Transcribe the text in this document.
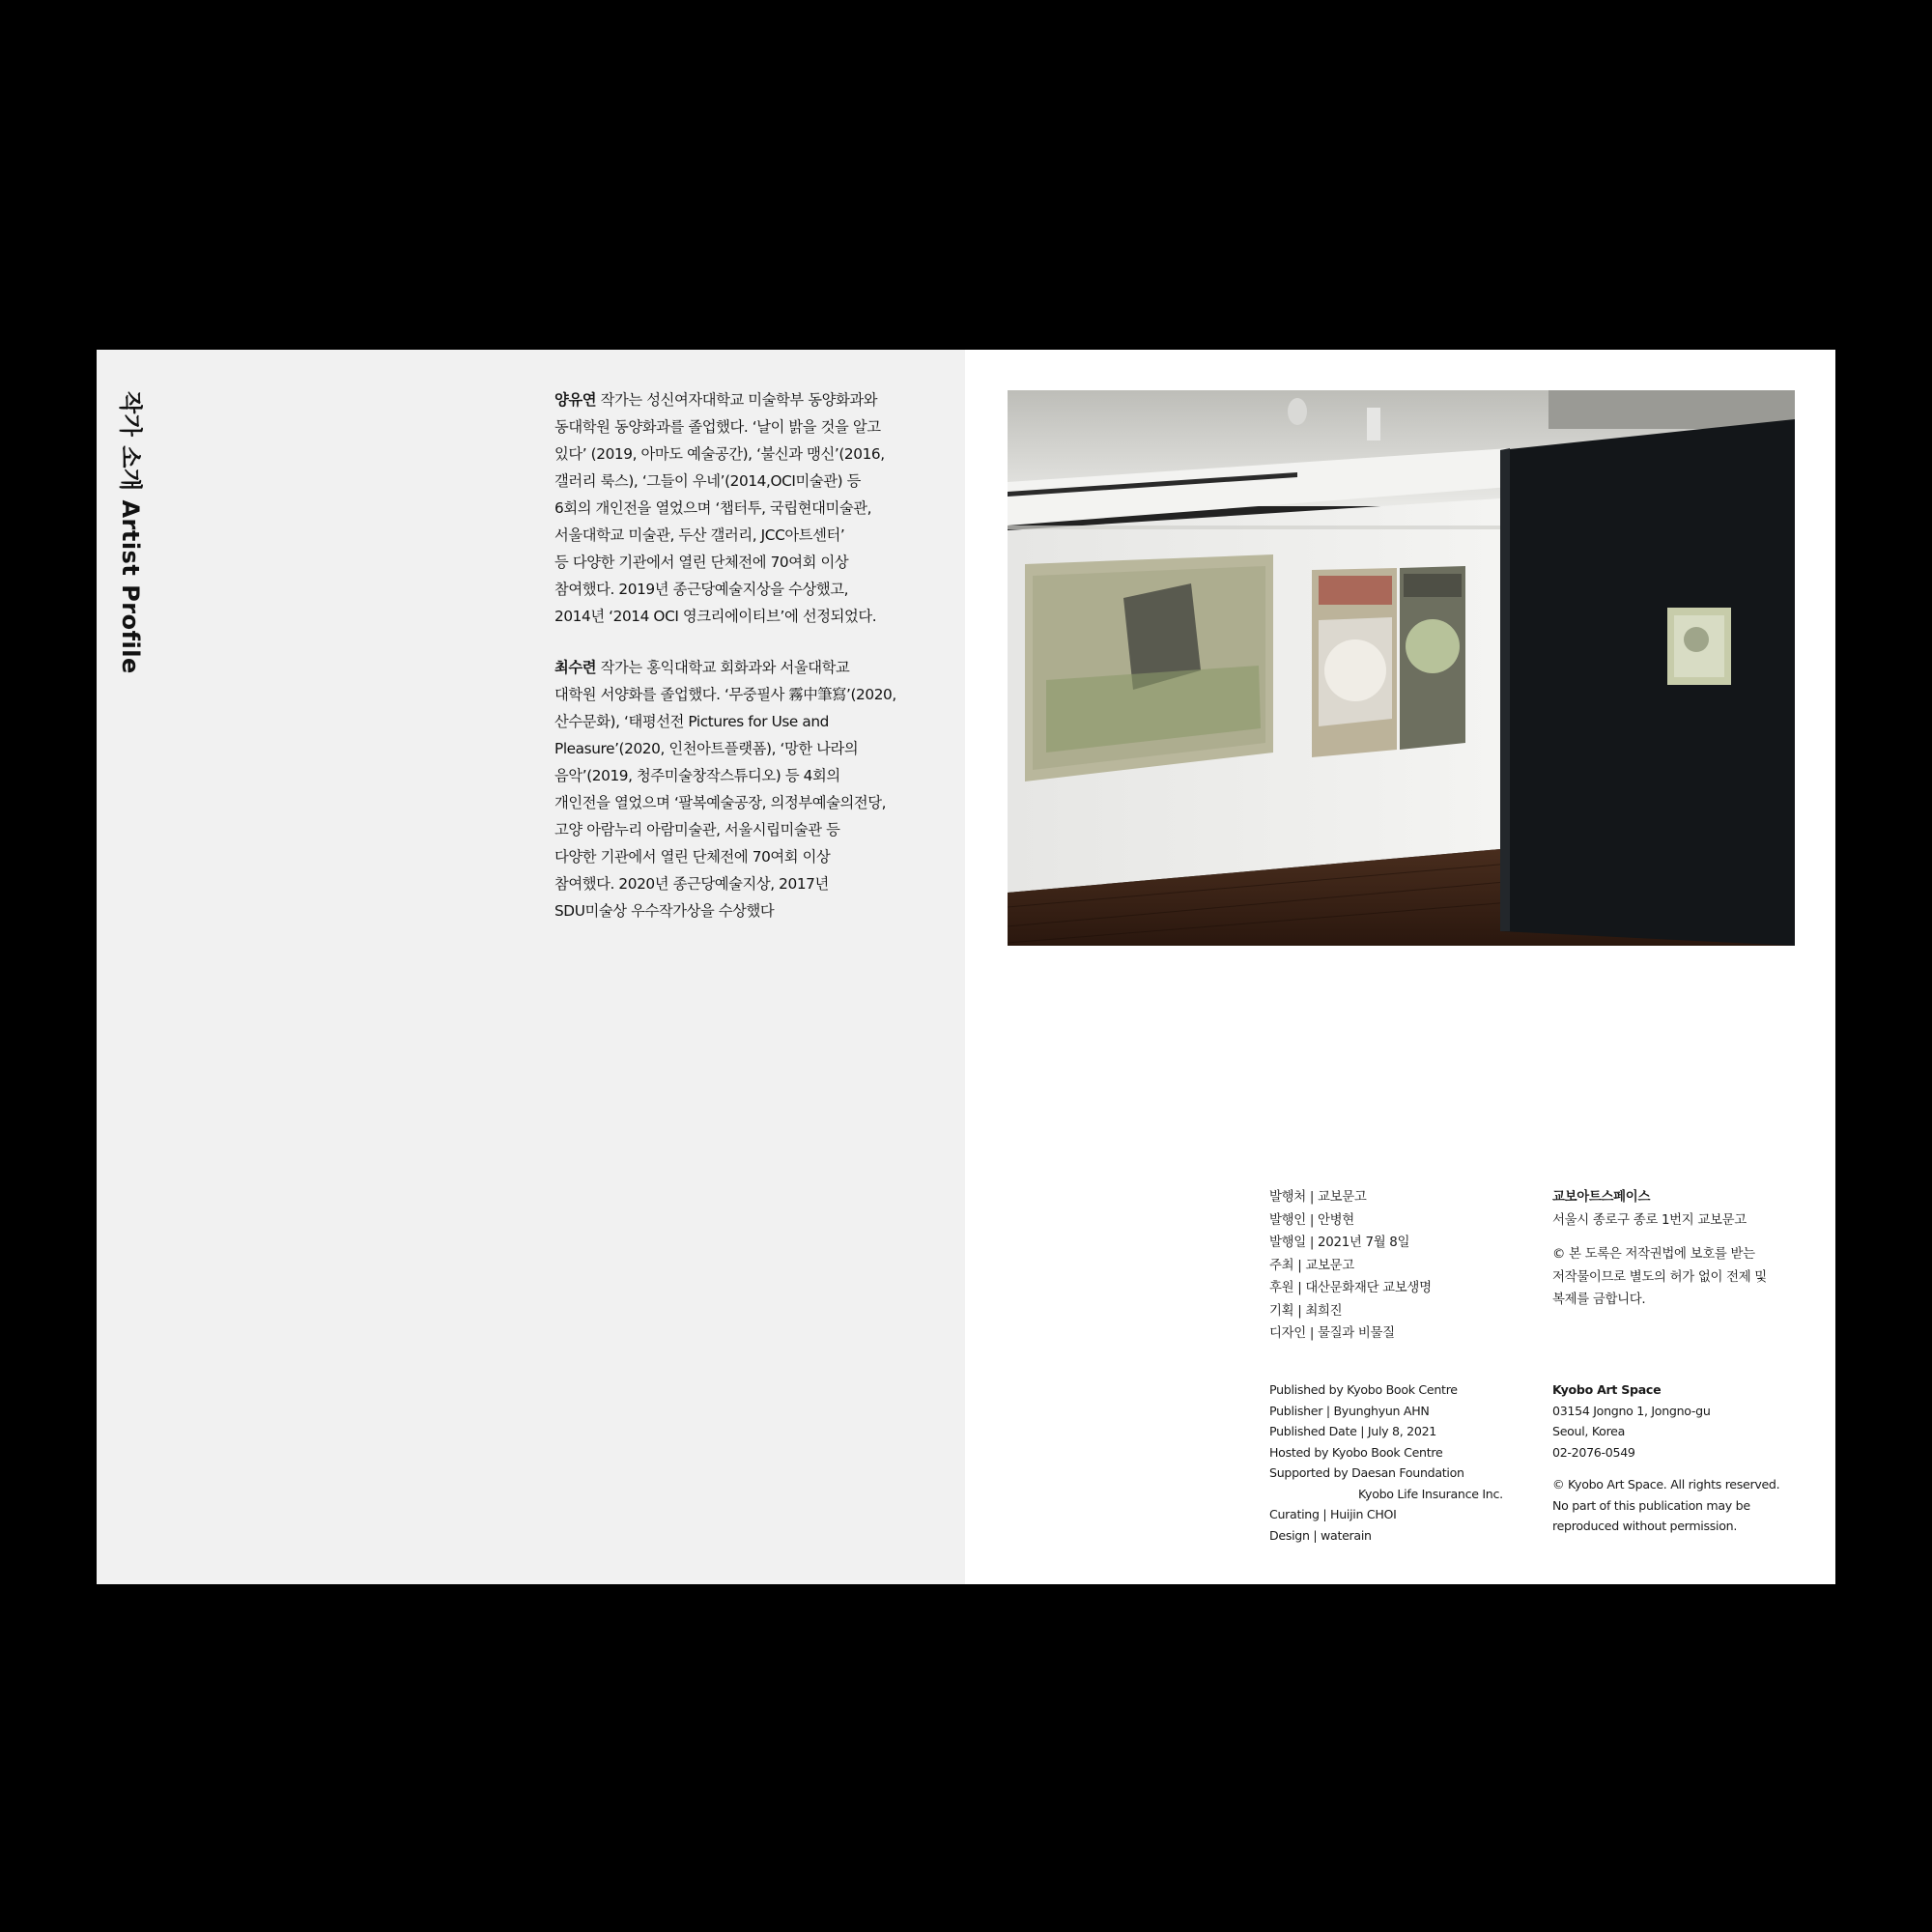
작가 소개 Artist Profile	양유연 작가는 성신여자대학교 미술학부 동양화과와
동대학원 동양화과를 졸업했다. ‘날이 밝을 것을 알고
있다’ (2019, 아마도 예술공간), ‘불신과 맹신’(2016,
갤러리 룩스), ‘그들이 우네’(2014,OCI미술관) 등
6회의 개인전을 열었으며 ‘챕터투, 국립현대미술관,
서울대학교 미술관, 두산 갤러리, JCC아트센터’
등 다양한 기관에서 열린 단체전에 70여회 이상
참여했다. 2019년 종근당예술지상을 수상했고,
2014년 ‘2014 OCI 영크리에이티브’에 선정되었다.
최수련 작가는 홍익대학교 회화과와 서울대학교
대학원 서양화를 졸업했다. ‘무중필사 霧中筆寫’(2020,
산수문화), ‘태평선전 Pictures for Use and
Pleasure’(2020, 인천아트플랫폼), ‘망한 나라의
음악’(2019, 청주미술창작스튜디오) 등 4회의
개인전을 열었으며 ‘팔복예술공장, 의정부예술의전당,
고양 아람누리 아람미술관, 서울시립미술관 등
다양한 기관에서 열린 단체전에 70여회 이상
참여했다. 2020년 종근당예술지상, 2017년
SDU미술상 우수작가상을 수상했다
발행처 | 교보문고
발행인 | 안병현
발행일 | 2021년 7월 8일
주최 | 교보문고
후원 | 대산문화재단 교보생명
기획 | 최희진
디자인 | 물질과 비물질
교보아트스페이스
서울시 종로구 종로 1번지 교보문고
© 본 도록은 저작권법에 보호를 받는
저작물이므로 별도의 허가 없이 전제 및
복제를 금합니다.
Published by Kyobo Book Centre
Publisher | Byunghyun AHN
Published Date | July 8, 2021
Hosted by Kyobo Book Centre
Supported by Daesan Foundation
Kyobo Life Insurance Inc.
Curating | Huijin CHOI
Design | waterain
Kyobo Art Space
03154 Jongno 1, Jongno-gu
Seoul, Korea
02-2076-0549
© Kyobo Art Space. All rights reserved.
No part of this publication may be
reproduced without permission.
